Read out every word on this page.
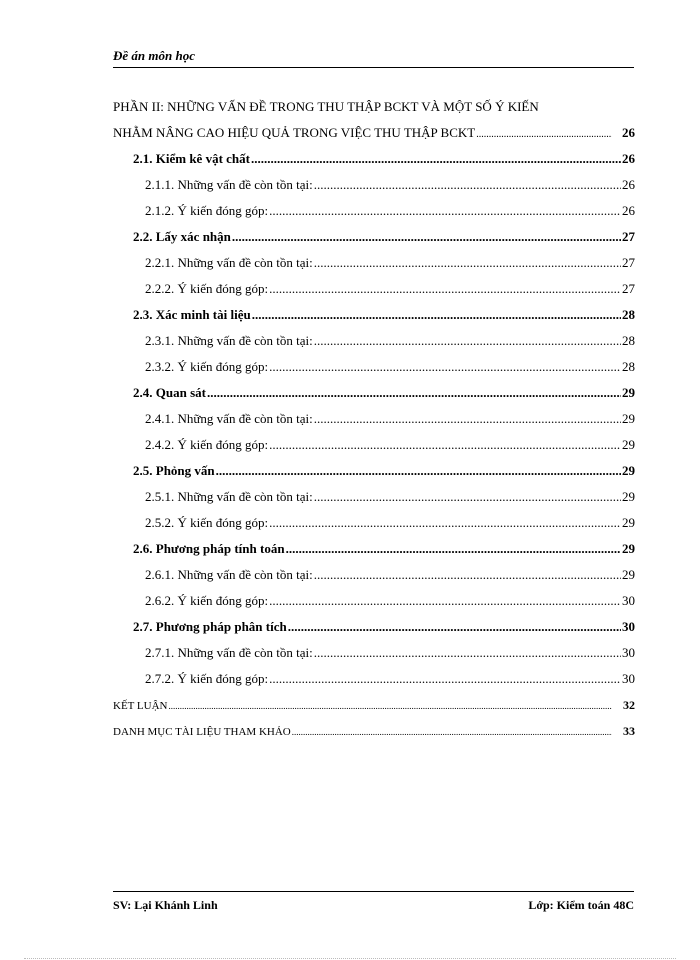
Đề án môn học
PHẦN II: NHỮNG VẤN ĐỀ TRONG THU THẬP BCKT VÀ MỘT SỐ Ý KIẾN
NHẰM NÂNG CAO HIỆU QUẢ TRONG VIỆC THU THẬP BCKT .....	26
2.1. Kiểm kê vật chất .....	26
2.1.1. Những vấn đề còn tồn tại: .....	26
2.1.2. Ý kiến đóng góp: .....	26
2.2. Lấy xác nhận .....	27
2.2.1. Những vấn đề còn tồn tại: .....	27
2.2.2. Ý kiến đóng góp: .....	27
2.3. Xác minh tài liệu .....	28
2.3.1. Những vấn đề còn tồn tại: .....	28
2.3.2. Ý kiến đóng góp: .....	28
2.4. Quan sát .....	29
2.4.1. Những vấn đề còn tồn tại: .....	29
2.4.2. Ý kiến đóng góp: .....	29
2.5. Phỏng vấn .....	29
2.5.1. Những vấn đề còn tồn tại: .....	29
2.5.2. Ý kiến đóng góp: .....	29
2.6. Phương pháp tính toán .....	29
2.6.1. Những vấn đề còn tồn tại: .....	29
2.6.2. Ý kiến đóng góp: .....	30
2.7. Phương pháp phân tích .....	30
2.7.1. Những vấn đề còn tồn tại: .....	30
2.7.2. Ý kiến đóng góp: .....	30
KẾT LUẬN .....	32
DANH MỤC TÀI LIỆU THAM KHẢO .....	33
SV: Lại Khánh Linh	Lớp: Kiểm toán 48C
